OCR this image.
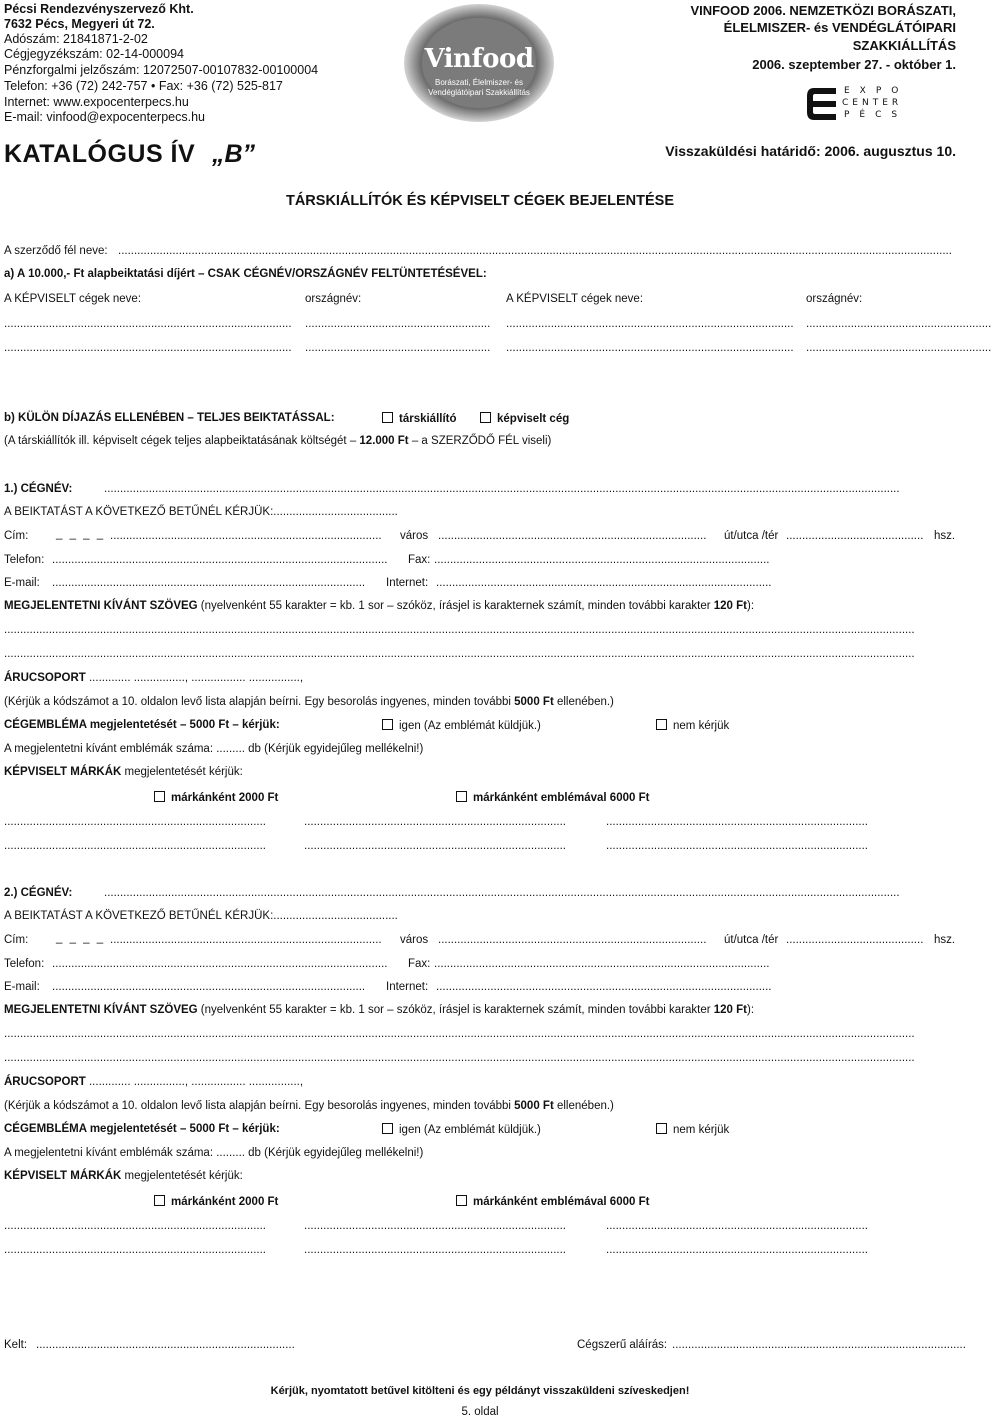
Pécsi Rendezvényszervező Kht.
7632 Pécs, Megyeri út 72.
Adószám: 21841871-2-02
Cégjegyzékszám: 02-14-000094
Pénzforgalmi jelzőszám: 12072507-00107832-00100004
Telefon: +36 (72) 242-757 • Fax: +36 (72) 525-817
Internet: www.expocenterpecs.hu
E-mail: vinfood@expocenterpecs.hu
Vinfood
Borászati, Élelmiszer- és
Vendéglátóipari Szakkiállítás
VINFOOD 2006. NEMZETKÖZI BORÁSZATI,
ÉLELMISZER- és VENDÉGLÁTÓIPARI
SZAKKIÁLLÍTÁS
2006. szeptember 27. - október 1.
EXPO
CENTER
PÉCS
KATALÓGUS ÍV „B”	Visszaküldési határidő: 2006. augusztus 10.
TÁRSKIÁLLÍTÓK ÉS KÉPVISELT CÉGEK BEJELENTÉSE
A szerződő fél neve: .....................................................................................................................................................................................................................................................................
a) A 10.000,- Ft alapbeiktatási díjért – CSAK CÉGNÉV/ORSZÁGNÉV FELTÜNTETÉSÉVEL:
A KÉPVISELT cégek neve:	országnév:	A KÉPVISELT cégek neve:	országnév:
.......................................................................................... .......................................................... .......................................................................................... ..........................................................
.......................................................................................... .......................................................... .......................................................................................... ..........................................................
b) KÜLÖN DÍJAZÁS ELLENÉBEN – TELJES BEIKTATÁSSAL:	társkiállító	képviselt cég
(A társkiállítók ill. képviselt cégek teljes alapbeiktatásának költségét – 12.000 Ft – a SZERZŐDŐ FÉL viseli)
1.) CÉGNÉV:	.........................................................................................................................................................................................................................................................
A BEIKTATÁST A KÖVETKEZŐ BETŰNÉL KÉRJÜK:.......................................
Cím: _ _ _ _ .....................................................................................	város ....................................................................................	út/utca /tér ........................................... hsz.
Telefon: .........................................................................................................	Fax: .........................................................................................................
E-mail: ..................................................................................................	Internet: .........................................................................................................
MEGJELENTETNI KÍVÁNT SZÖVEG (nyelvenként 55 karakter = kb. 1 sor – szóköz, írásjel is karakternek számít, minden további karakter 120 Ft):
.............................................................................................................................................................................................................................................................................................
.............................................................................................................................................................................................................................................................................................
ÁRUCSOPORT ............. ................, ................. ................,
(Kérjük a kódszámot a 10. oldalon levő lista alapján beírni. Egy besorolás ingyenes, minden további 5000 Ft ellenében.)
CÉGEMBLÉMA megjelentetését – 5000 Ft – kérjük:	igen (Az emblémát küldjük.)	nem kérjük
A megjelentetni kívánt emblémák száma: ......... db (Kérjük egyidejűleg mellékelni!)
KÉPVISELT MÁRKÁK megjelentetését kérjük:
márkánként 2000 Ft	márkánként emblémával 6000 Ft
..................................................................................	..................................................................................	..................................................................................
..................................................................................	..................................................................................	..................................................................................
2.) CÉGNÉV:	.........................................................................................................................................................................................................................................................
A BEIKTATÁST A KÖVETKEZŐ BETŰNÉL KÉRJÜK:.......................................
Cím: _ _ _ _ .....................................................................................	város ....................................................................................	út/utca /tér ........................................... hsz.
Telefon: .........................................................................................................	Fax: .........................................................................................................
E-mail: ..................................................................................................	Internet: .........................................................................................................
MEGJELENTETNI KÍVÁNT SZÖVEG (nyelvenként 55 karakter = kb. 1 sor – szóköz, írásjel is karakternek számít, minden további karakter 120 Ft):
.............................................................................................................................................................................................................................................................................................
.............................................................................................................................................................................................................................................................................................
ÁRUCSOPORT ............. ................, ................. ................,
(Kérjük a kódszámot a 10. oldalon levő lista alapján beírni. Egy besorolás ingyenes, minden további 5000 Ft ellenében.)
CÉGEMBLÉMA megjelentetését – 5000 Ft – kérjük:	igen (Az emblémát küldjük.)	nem kérjük
A megjelentetni kívánt emblémák száma: ......... db (Kérjük egyidejűleg mellékelni!)
KÉPVISELT MÁRKÁK megjelentetését kérjük:
márkánként 2000 Ft	márkánként emblémával 6000 Ft
..................................................................................	..................................................................................	..................................................................................
..................................................................................	..................................................................................	..................................................................................
Kelt: .................................................................................	Cégszerű aláírás: ............................................................................................
Kérjük, nyomtatott betűvel kitölteni és egy példányt visszaküldeni szíveskedjen!
5. oldal
